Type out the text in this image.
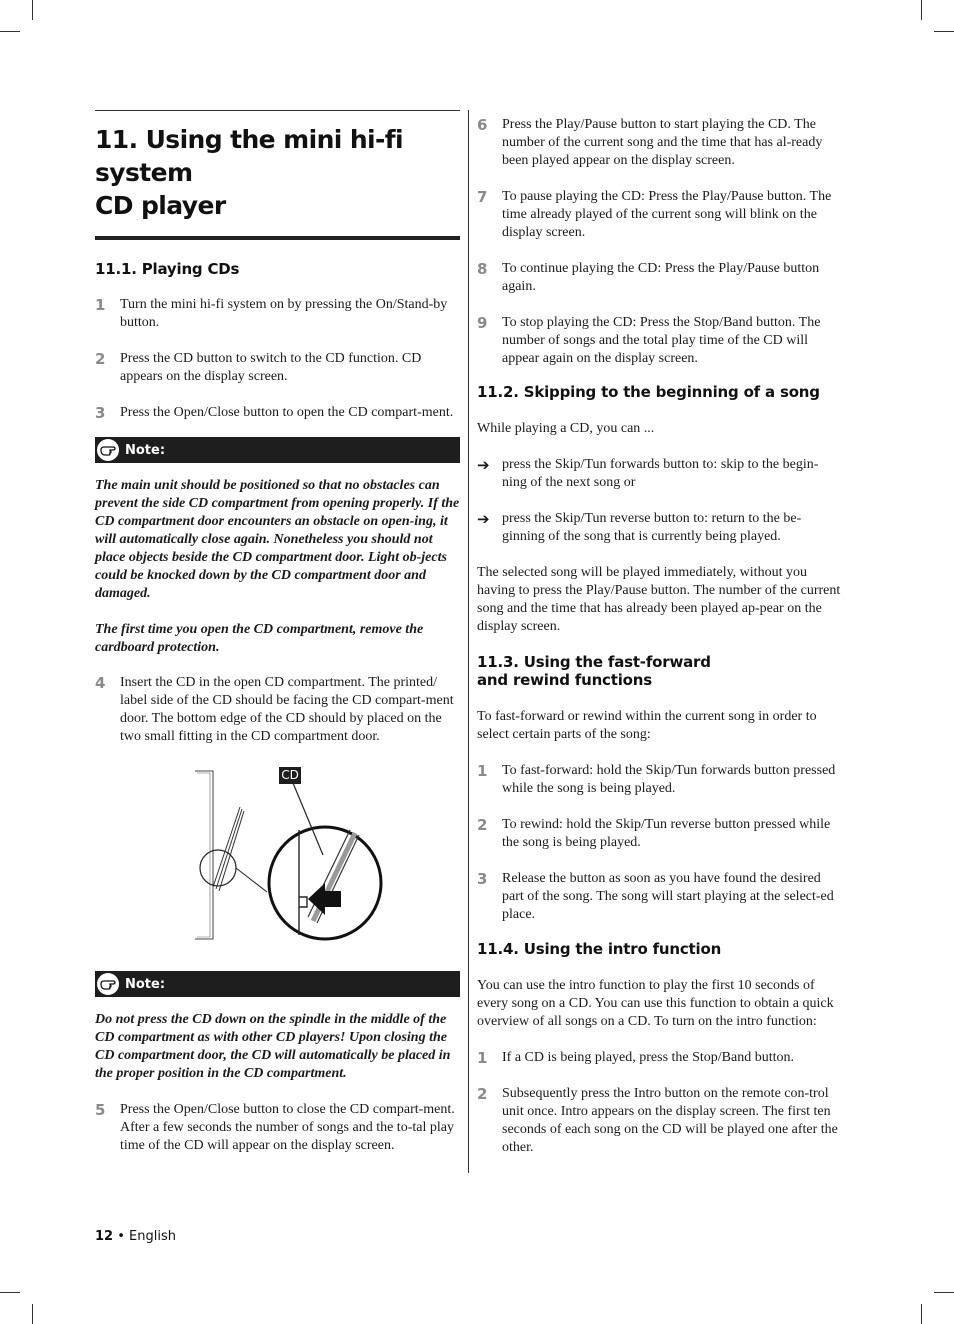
11. Using the mini hi-fi system
CD player
11.1. Playing CDs
1	Turn the mini hi-fi system on by pressing the On/Stand-by button.
2	Press the CD button to switch to the CD function. CD appears on the display screen.
3	Press the Open/Close button to open the CD compart-ment.
Note:

The main unit should be positioned so that no obstacles can prevent the side CD compartment from opening properly. If the CD compartment door encounters an obstacle on open-ing, it will automatically close again. Nonetheless you should not place objects beside the CD compartment door. Light ob-jects could be knocked down by the CD compartment door and damaged.

The first time you open the CD compartment, remove the cardboard protection.

4	Insert the CD in the open CD compartment. The printed/ label side of the CD should be facing the CD compart-ment door. The bottom edge of the CD should by placed on the two small fitting in the CD compartment door.
CD
Note:

Do not press the CD down on the spindle in the middle of the CD compartment as with other CD players! Upon closing the CD compartment door, the CD will automatically be placed in the proper position in the CD compartment.

5	Press the Open/Close button to close the CD compart-ment. After a few seconds the number of songs and the to-tal play time of the CD will appear on the display screen.
6	Press the Play/Pause button to start playing the CD. The number of the current song and the time that has al-ready been played appear on the display screen.
7	To pause playing the CD: Press the Play/Pause button. The time already played of the current song will blink on the display screen.
8	To continue playing the CD: Press the Play/Pause button again.
9	To stop playing the CD: Press the Stop/Band button. The number of songs and the total play time of the CD will appear again on the display screen.
11.2. Skipping to the beginning of a song

While playing a CD, you can ...

➔ press the Skip/Tun forwards button to: skip to the begin-ning of the next song or
➔ press the Skip/Tun reverse button to: return to the be-ginning of the song that is currently being played.

The selected song will be played immediately, without you having to press the Play/Pause button. The number of the current song and the time that has already been played ap-pear on the display screen.

11.3. Using the fast-forward
and rewind functions

To fast-forward or rewind within the current song in order to select certain parts of the song:

1	To fast-forward: hold the Skip/Tun forwards button pressed while the song is being played.
2	To rewind: hold the Skip/Tun reverse button pressed while the song is being played.
3	Release the button as soon as you have found the desired part of the song. The song will start playing at the select-ed place.
11.4. Using the intro function

You can use the intro function to play the first 10 seconds of every song on a CD. You can use this function to obtain a quick overview of all songs on a CD. To turn on the intro function:

1	If a CD is being played, press the Stop/Band button.
2	Subsequently press the Intro button on the remote con-trol unit once. Intro appears on the display screen. The first ten seconds of each song on the CD will be played one after the other.
12 • English
